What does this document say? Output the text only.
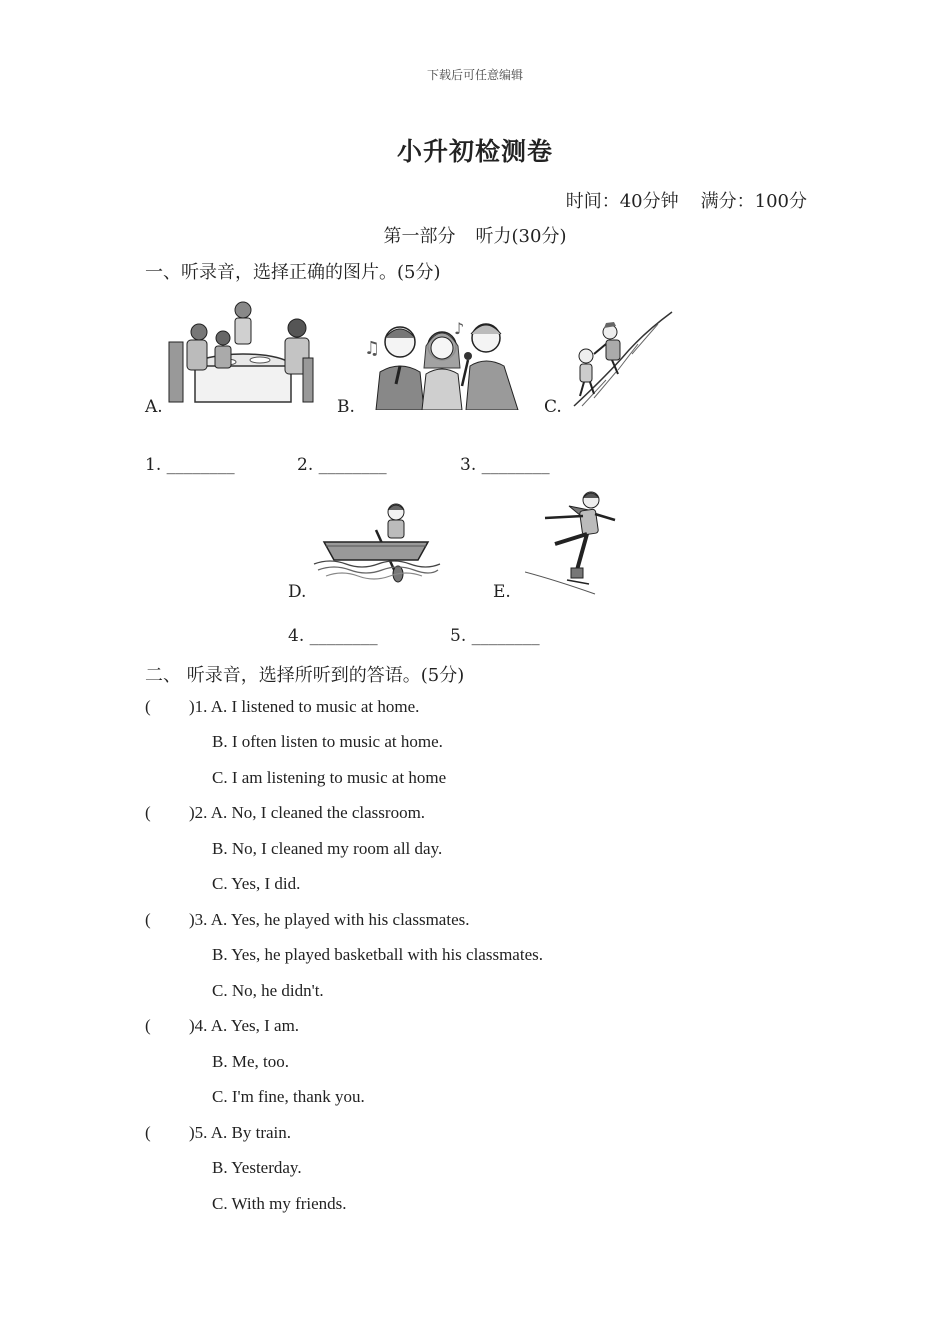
下载后可任意编辑
小升初检测卷
时间：40分钟 满分：100分
第一部分 听力(30分)
一、听录音，选择正确的图片。(5分)
A.
♫
♪
B.	C.
1. ________	2. ________	3. ________
D.	E.
4. ________	5. ________
二、 听录音，选择所听到的答语。(5分)
( )1. A. I listened to music at home.
B. I often listen to music at home.
C. I am listening to music at home
( )2. A. No, I cleaned the classroom.
B. No, I cleaned my room all day.
C. Yes, I did.
( )3. A. Yes, he played with his classmates.
B. Yes, he played basketball with his classmates.
C. No, he didn't.
( )4. A. Yes, I am.
B. Me, too.
C. I'm fine, thank you.
( )5. A. By train.
B. Yesterday.
C. With my friends.
